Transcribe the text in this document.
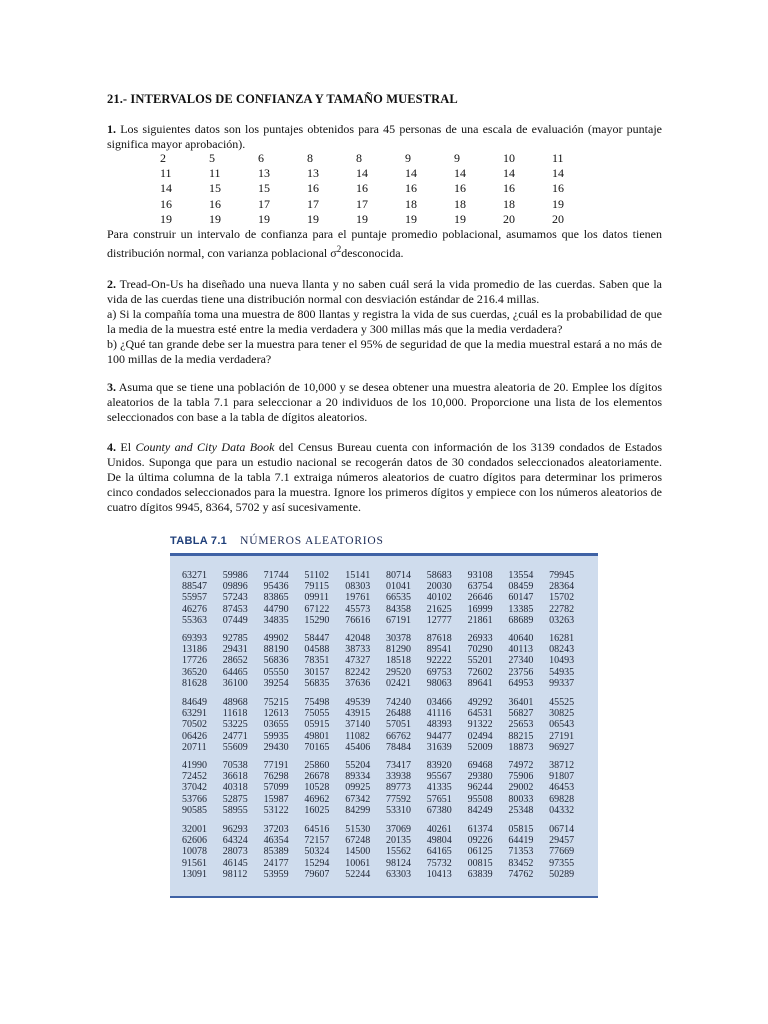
21.- INTERVALOS DE CONFIANZA Y TAMAÑO MUESTRAL
1. Los siguientes datos son los puntajes obtenidos para 45 personas de una escala de evaluación (mayor puntaje significa mayor aprobación).
2	5	6	8	8	9	9	10	11
11	11	13	13	14	14	14	14	14
14	15	15	16	16	16	16	16	16
16	16	17	17	17	18	18	18	19
19	19	19	19	19	19	19	20	20
Para construir un intervalo de confianza para el puntaje promedio poblacional, asumamos que los datos tienen distribución normal, con varianza poblacional $\sigma^2desconocida$.
2. Tread-On-Us ha diseñado una nueva llanta y no saben cuál será la vida promedio de las cuerdas. Saben que la vida de las cuerdas tiene una distribución normal con desviación estándar de 216.4 millas.
a) Si la compañía toma una muestra de 800 llantas y registra la vida de sus cuerdas, ¿cuál es la probabilidad de que la media de la muestra esté entre la media verdadera y 300 millas más que la media verdadera?
b) ¿Qué tan grande debe ser la muestra para tener el 95% de seguridad de que la media muestral estará a no más de 100 millas de la media verdadera?
3. Asuma que se tiene una población de 10,000 y se desea obtener una muestra aleatoria de 20. Emplee los dígitos aleatorios de la tabla 7.1 para seleccionar a 20 individuos de los 10,000. Proporcione una lista de los elementos seleccionados con base a la tabla de dígitos aleatorios.
4. El County and City Data Book del Census Bureau cuenta con información de los 3139 condados de Estados Unidos. Suponga que para un estudio nacional se recogerán datos de 30 condados seleccionados aleatoriamente. De la última columna de la tabla 7.1 extraiga números aleatorios de cuatro dígitos para determinar los primeros cinco condados seleccionados para la muestra. Ignore los primeros dígitos y empiece con los números aleatorios de cuatro dígitos 9945, 8364, 5702 y así sucesivamente.
TABLA 7.1 NÚMEROS ALEATORIOS
63271	59986	71744	51102	15141	80714	58683	93108	13554	79945
88547	09896	95436	79115	08303	01041	20030	63754	08459	28364
55957	57243	83865	09911	19761	66535	40102	26646	60147	15702
46276	87453	44790	67122	45573	84358	21625	16999	13385	22782
55363	07449	34835	15290	76616	67191	12777	21861	68689	03263
69393	92785	49902	58447	42048	30378	87618	26933	40640	16281
13186	29431	88190	04588	38733	81290	89541	70290	40113	08243
17726	28652	56836	78351	47327	18518	92222	55201	27340	10493
36520	64465	05550	30157	82242	29520	69753	72602	23756	54935
81628	36100	39254	56835	37636	02421	98063	89641	64953	99337
84649	48968	75215	75498	49539	74240	03466	49292	36401	45525
63291	11618	12613	75055	43915	26488	41116	64531	56827	30825
70502	53225	03655	05915	37140	57051	48393	91322	25653	06543
06426	24771	59935	49801	11082	66762	94477	02494	88215	27191
20711	55609	29430	70165	45406	78484	31639	52009	18873	96927
41990	70538	77191	25860	55204	73417	83920	69468	74972	38712
72452	36618	76298	26678	89334	33938	95567	29380	75906	91807
37042	40318	57099	10528	09925	89773	41335	96244	29002	46453
53766	52875	15987	46962	67342	77592	57651	95508	80033	69828
90585	58955	53122	16025	84299	53310	67380	84249	25348	04332
32001	96293	37203	64516	51530	37069	40261	61374	05815	06714
62606	64324	46354	72157	67248	20135	49804	09226	64419	29457
10078	28073	85389	50324	14500	15562	64165	06125	71353	77669
91561	46145	24177	15294	10061	98124	75732	00815	83452	97355
13091	98112	53959	79607	52244	63303	10413	63839	74762	50289
